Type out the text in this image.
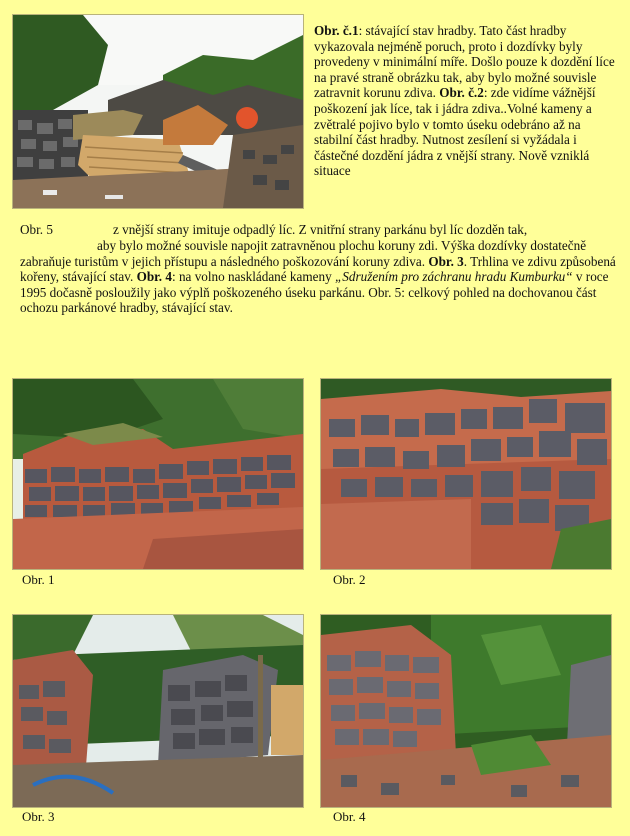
Obr. č.1: stávající stav hradby. Tato část hradby vykazovala nejméně poruch, proto i dozdívky byly provedeny v minimální míře. Došlo pouze k dozdění líce na pravé straně obrázku tak, aby bylo možné souvisle zatravnit korunu zdiva. Obr. č.2: zde vidíme vážnější poškození jak líce, tak i jádra zdiva..Volné kameny a zvětralé pojivo bylo v tomto úseku odebráno až na stabilní část hradby. Nutnost zesílení si vyžádala i částečné dozdění jádra z vnější strany. Nově vzniklá situace

Obr. 5	z vnější strany imituje odpadlý líc. Z vnitřní strany parkánu byl líc dozděn tak,

aby bylo možné souvisle napojit zatravněnou plochu koruny zdi. Výška dozdívky dostatečně zabraňuje turistům v jejich přístupu a následného poškozování koruny zdiva. Obr. 3. Trhlina ve zdivu způsobená kořeny, stávající stav. Obr. 4: na volno naskládané kameny „Sdružením pro záchranu hradu Kumburku“ v roce 1995 dočasně posloužily jako výplň poškozeného úseku parkánu. Obr. 5: celkový pohled na dochovanou část ochozu parkánové hradby, stávající stav.

Obr. 1	Obr. 2
Obr. 3	Obr. 4
